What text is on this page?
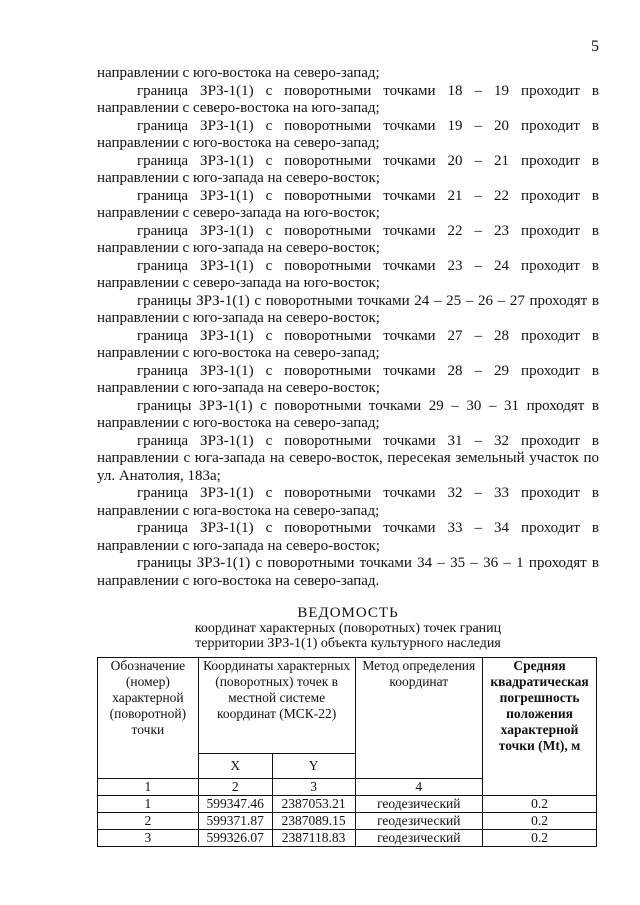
5

направлении с юго-востока на северо-запад;

граница ЗРЗ-1(1) с поворотными точками 18 – 19 проходит в направлении с северо-востока на юго-запад;

граница ЗРЗ-1(1) с поворотными точками 19 – 20 проходит в направлении с юго-востока на северо-запад;

граница ЗРЗ-1(1) с поворотными точками 20 – 21 проходит в направлении с юго-запада на северо-восток;

граница ЗРЗ-1(1) с поворотными точками 21 – 22 проходит в направлении с северо-запада на юго-восток;

граница ЗРЗ-1(1) с поворотными точками 22 – 23 проходит в направлении с юго-запада на северо-восток;

граница ЗРЗ-1(1) с поворотными точками 23 – 24 проходит в направлении с северо-запада на юго-восток;

границы ЗРЗ-1(1) с поворотными точками 24 – 25 – 26 – 27 проходят в направлении с юго-запада на северо-восток;

граница ЗРЗ-1(1) с поворотными точками 27 – 28 проходит в направлении с юго-востока на северо-запад;

граница ЗРЗ-1(1) с поворотными точками 28 – 29 проходит в направлении с юго-запада на северо-восток;

границы ЗРЗ-1(1) с поворотными точками 29 – 30 – 31 проходят в направлении с юго-востока на северо-запад;

граница ЗРЗ-1(1) с поворотными точками 31 – 32 проходит в направлении с юга-запада на северо-восток, пересекая земельный участок по ул. Анатолия, 183а;

граница ЗРЗ-1(1) с поворотными точками 32 – 33 проходит в направлении с юга-востока на северо-запад;

граница ЗРЗ-1(1) с поворотными точками 33 – 34 проходит в направлении с юго-запада на северо-восток;

границы ЗРЗ-1(1) с поворотными точками 34 – 35 – 36 – 1 проходят в направлении с юго-востока на северо-запад.

ВЕДОМОСТЬ
координат характерных (поворотных) точек границ
территории ЗРЗ-1(1) объекта культурного наследия
Обозначение (номер) характерной (поворотной) точки	Координаты характерных (поворотных) точек в местной системе координат (МСК-22)		Метод определения координат	Средняя квадратическая погрешность положения характерной точки (Mt), м
	X	Y		
1	2	3	4	
1	599347.46	2387053.21	геодезический	0.2
2	599371.87	2387089.15	геодезический	0.2
3	599326.07	2387118.83	геодезический	0.2
